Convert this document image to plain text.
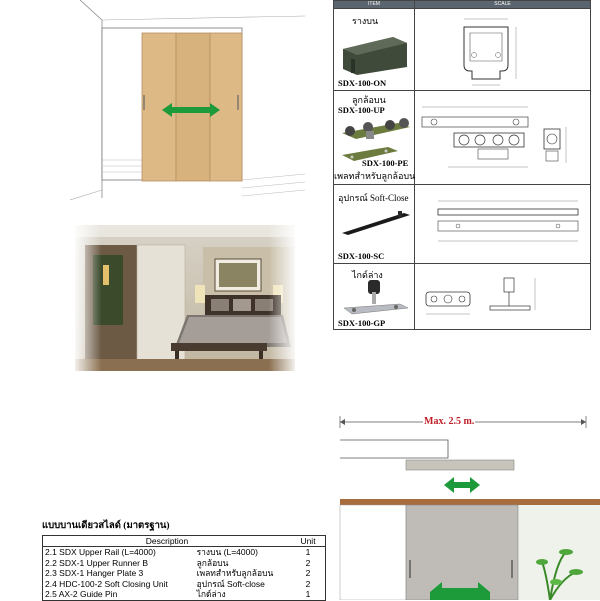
ITEM	SCALE
รางบน
SDX-100-ON
ลูกล้อบน
SDX-100-UP
SDX-100-PE
เพลทสำหรับลูกล้อบน
อุปกรณ์ Soft-Close
SDX-100-SC
ไกด์ล่าง
SDX-100-GP
Max. 2.5 m.
แบบบานเดียวสไลด์ (มาตรฐาน)
Description		Unit
2.1 SDX Upper Rail (L=4000)	รางบน (L=4000)	1
2.2 SDX-1 Upper Runner B	ลูกล้อบน	2
2.3 SDX-1 Hanger Plate 3	เพลทสำหรับลูกล้อบน	2
2.4 HDC-100-2 Soft Closing Unit	อุปกรณ์ Soft-close	2
2.5 AX-2 Guide Pin	ไกด์ล่าง	1
